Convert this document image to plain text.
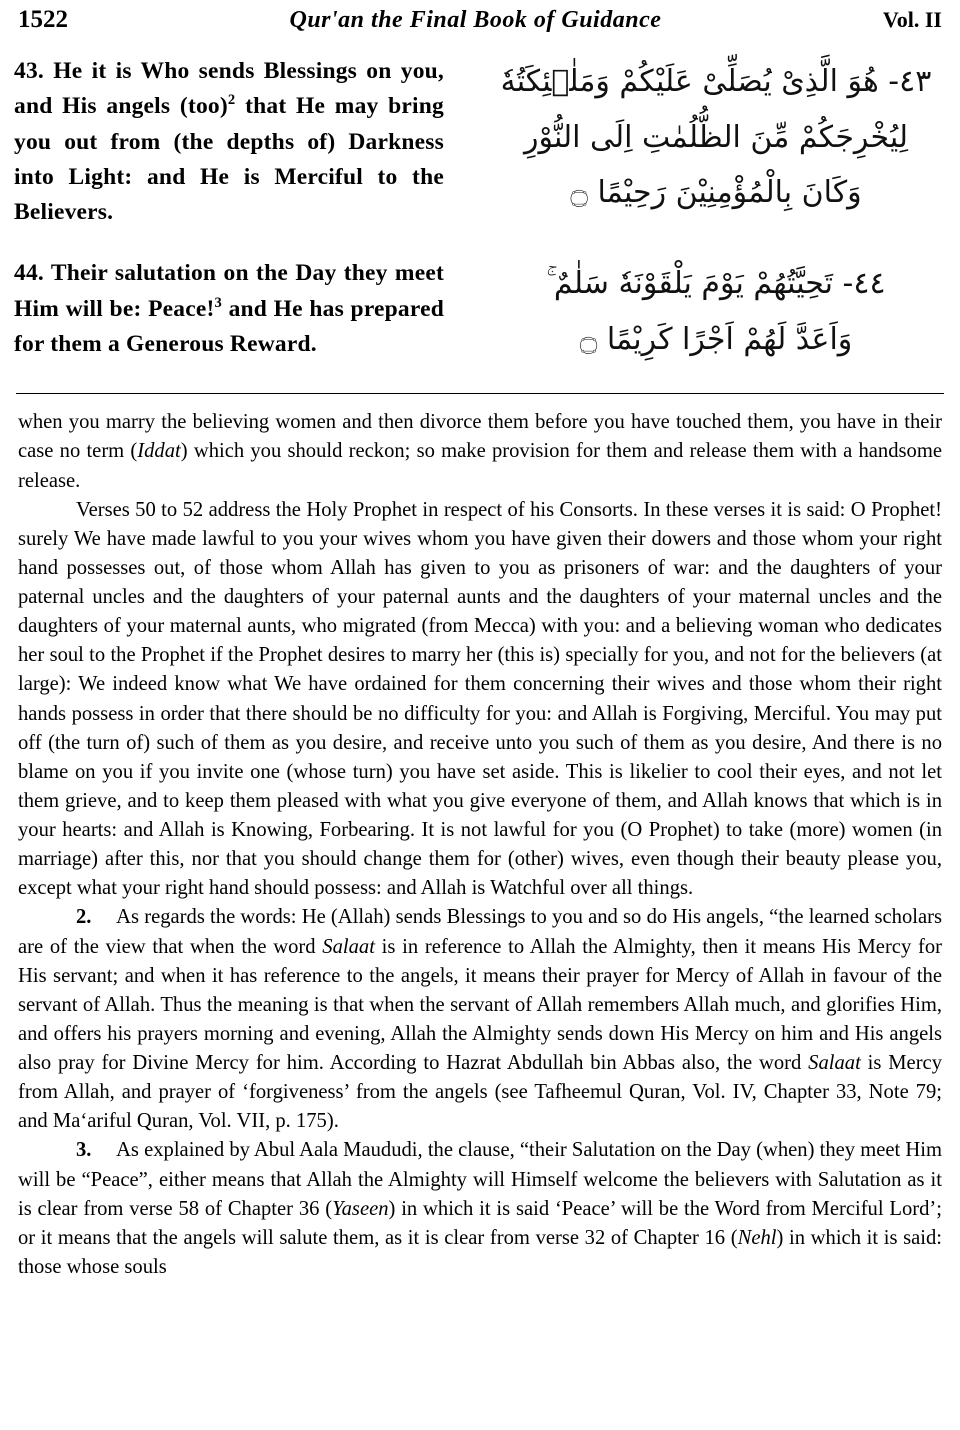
1522	Qur'an the Final Book of Guidance	Vol. II
43. He it is Who sends Blessings on you, and His angels (too)$^2$ that He may bring you out from (the depths of) Darkness into Light: and He is Merciful to the Believers.
٤٣- هُوَ الَّذِىْ يُصَلِّىْ عَلَيْكُمْ وَمَلٰۤئِكَتُهٗ
لِيُخْرِجَكُمْ مِّنَ الظُّلُمٰتِ اِلَى النُّوْرِ
وَكَانَ بِالْمُؤْمِنِيْنَ رَحِيْمًا ۝
44. Their salutation on the Day they meet Him will be: Peace!$^3$ and He has prepared for them a Generous Reward.
٤٤- تَحِيَّتُهُمْ يَوْمَ يَلْقَوْنَهٗ سَلٰمٌ ۚ
وَاَعَدَّ لَهُمْ اَجْرًا كَرِيْمًا ۝

when you marry the believing women and then divorce them before you have touched them, you have in their case no term (Iddat) which you should reckon; so make provision for them and release them with a handsome release.

Verses 50 to 52 address the Holy Prophet in respect of his Consorts. In these verses it is said: O Prophet! surely We have made lawful to you your wives whom you have given their dowers and those whom your right hand possesses out, of those whom Allah has given to you as prisoners of war: and the daughters of your paternal uncles and the daughters of your paternal aunts and the daughters of your maternal uncles and the daughters of your maternal aunts, who migrated (from Mecca) with you: and a believing woman who dedicates her soul to the Prophet if the Prophet desires to marry her (this is) specially for you, and not for the believers (at large): We indeed know what We have ordained for them concerning their wives and those whom their right hands possess in order that there should be no difficulty for you: and Allah is Forgiving, Merciful. You may put off (the turn of) such of them as you desire, and receive unto you such of them as you desire, And there is no blame on you if you invite one (whose turn) you have set aside. This is likelier to cool their eyes, and not let them grieve, and to keep them pleased with what you give everyone of them, and Allah knows that which is in your hearts: and Allah is Knowing, Forbearing. It is not lawful for you (O Prophet) to take (more) women (in marriage) after this, nor that you should change them for (other) wives, even though their beauty please you, except what your right hand should possess: and Allah is Watchful over all things.

2.  As regards the words: He (Allah) sends Blessings to you and so do His angels, “the learned scholars are of the view that when the word Salaat is in reference to Allah the Almighty, then it means His Mercy for His servant; and when it has reference to the angels, it means their prayer for Mercy of Allah in favour of the servant of Allah. Thus the meaning is that when the servant of Allah remembers Allah much, and glorifies Him, and offers his prayers morning and evening, Allah the Almighty sends down His Mercy on him and His angels also pray for Divine Mercy for him. According to Hazrat Abdullah bin Abbas also, the word Salaat is Mercy from Allah, and prayer of ‘forgiveness’ from the angels (see Tafheemul Quran, Vol. IV, Chapter 33, Note 79; and Ma‘ariful Quran, Vol. VII, p. 175).

3.  As explained by Abul Aala Maududi, the clause, “their Salutation on the Day (when) they meet Him will be “Peace”, either means that Allah the Almighty will Himself welcome the believers with Salutation as it is clear from verse 58 of Chapter 36 (Yaseen) in which it is said ‘Peace’ will be the Word from Merciful Lord’; or it means that the angels will salute them, as it is clear from verse 32 of Chapter 16 (Nehl) in which it is said: those whose souls
